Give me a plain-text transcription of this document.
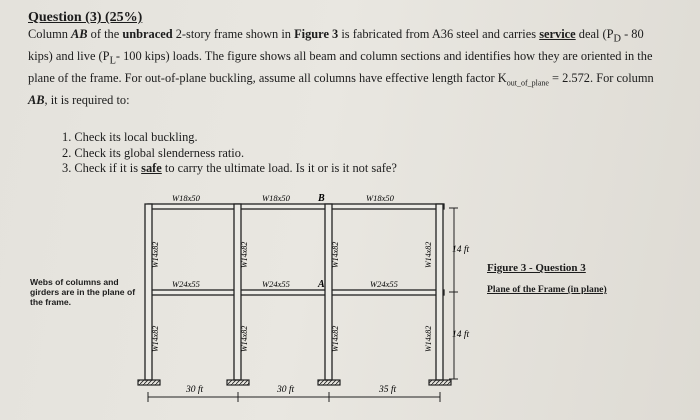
Question (3) (25%)
Column AB of the unbraced 2-story frame shown in Figure 3 is fabricated from A36 steel and carries service deal ($P_D - 80$ kips) and live ($P_L-$ 100 kips) loads. The figure shows all beam and column sections and identifies how they are oriented in the plane of the frame. For out-of-plane buckling, assume all columns have effective length factor $K_{out\_of\_plane} = 2.572$. For column AB, it is required to:
1. Check its local buckling.
2. Check its global slenderness ratio.
3. Check if it is safe to carry the ultimate load. Is it or is it not safe?
Webs of columns and girders are in the plane of the frame.
Figure 3 - Question 3
Plane of the Frame (in plane)
W18x50	W18x50	W18x50
B
W24x55	W24x55	W24x55
A
W14x82	W14x82	W14x82	W14x82
W14x82	W14x82	W14x82	W14x82
14 ft
14 ft
30 ft	30 ft	35 ft
